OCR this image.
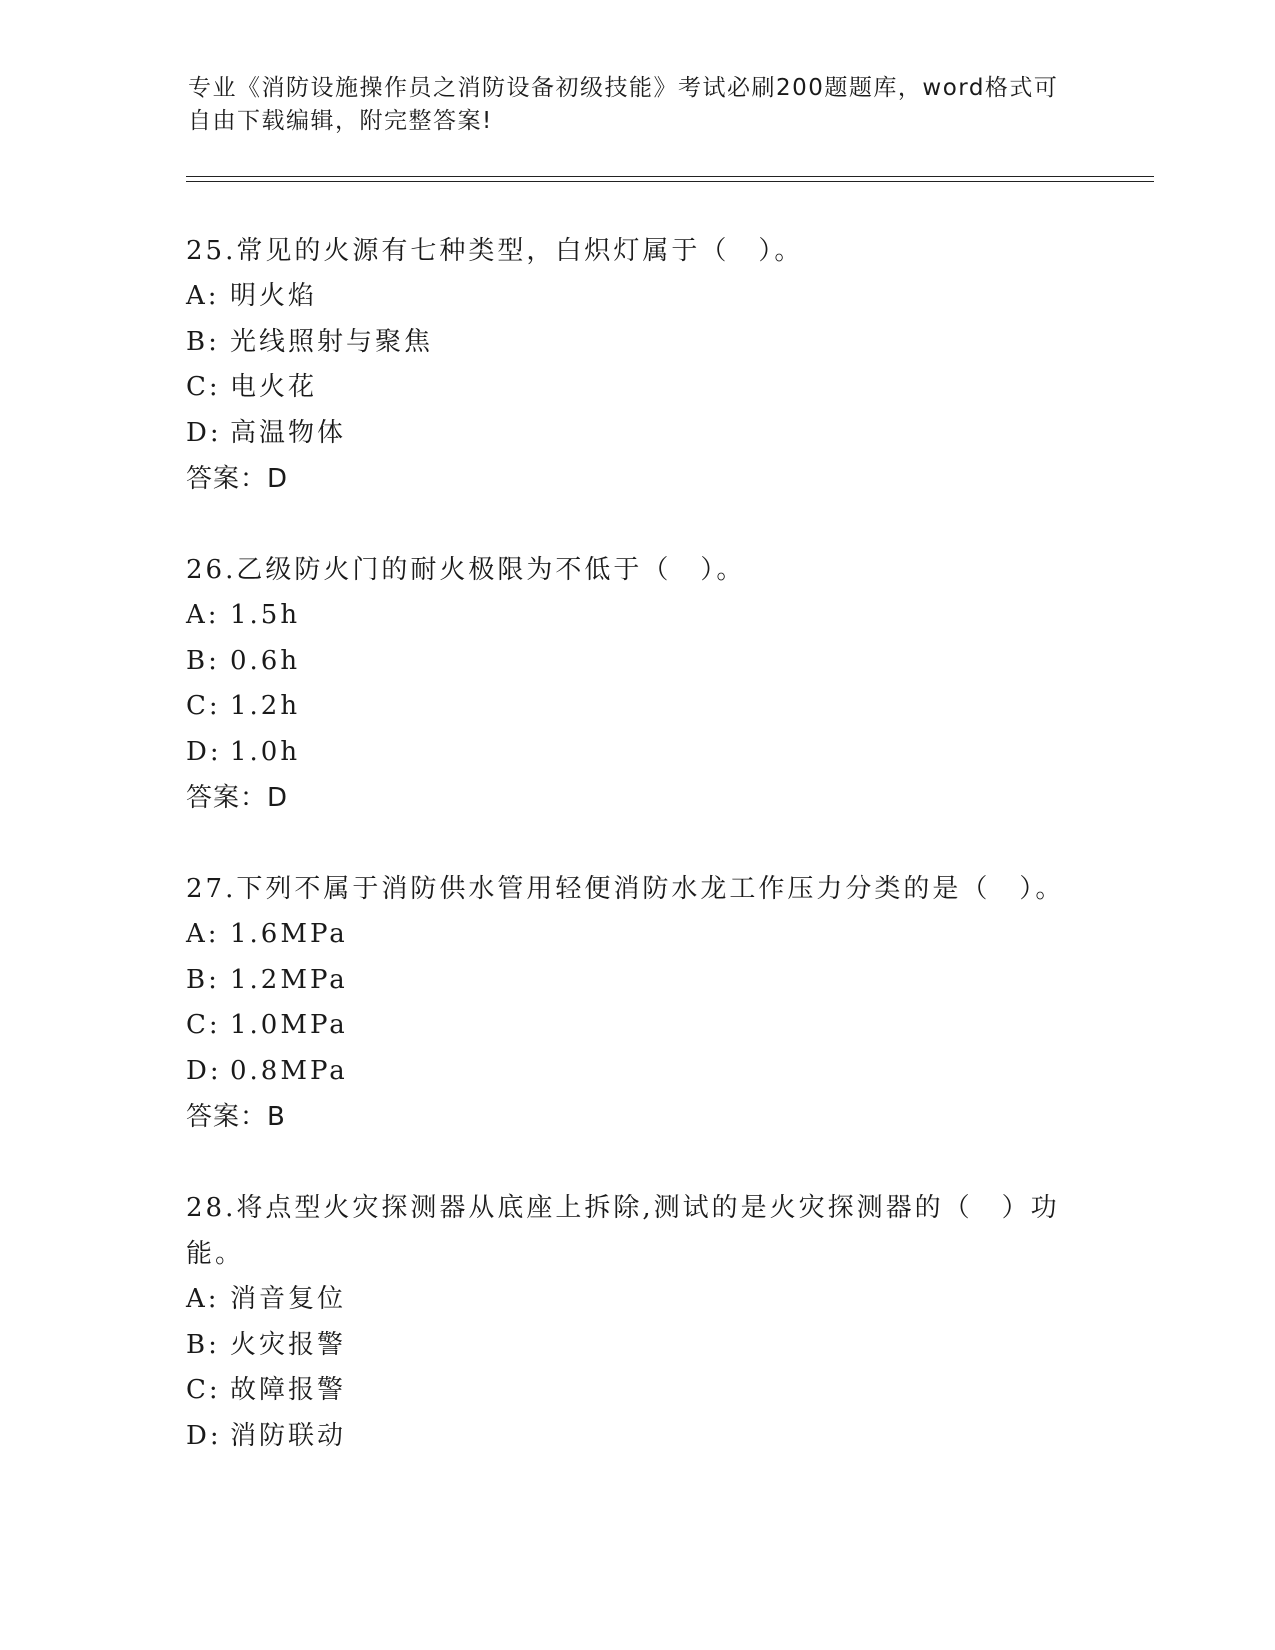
专业《消防设施操作员之消防设备初级技能》考试必刷200题题库，word格式可自由下载编辑，附完整答案!

25.常见的火源有七种类型，白炽灯属于（　）。

A: 明火焰

B: 光线照射与聚焦

C: 电火花

D: 高温物体

答案：D

26.乙级防火门的耐火极限为不低于（　）。

A: 1.5h

B: 0.6h

C: 1.2h

D: 1.0h

答案：D

27.下列不属于消防供水管用轻便消防水龙工作压力分类的是（　）。

A: 1.6MPa

B: 1.2MPa

C: 1.0MPa

D: 0.8MPa

答案：B

28.将点型火灾探测器从底座上拆除,测试的是火灾探测器的（　）功能。

A: 消音复位

B: 火灾报警

C: 故障报警

D: 消防联动
